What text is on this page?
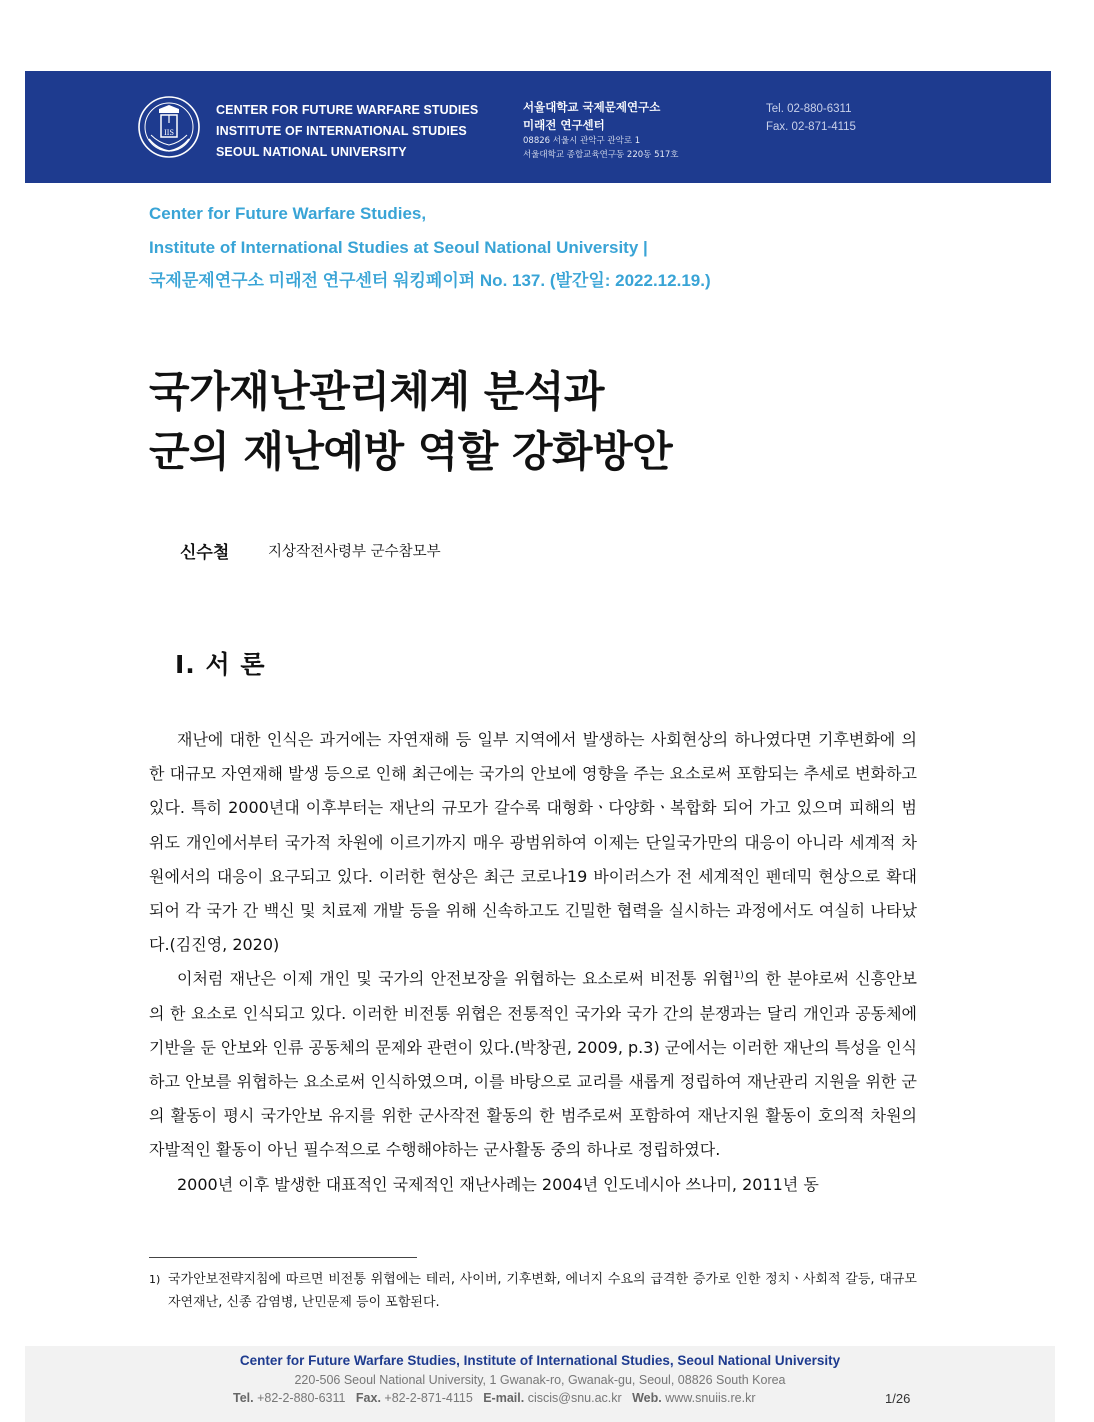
IIS
CENTER FOR FUTURE WARFARE STUDIES
INSTITUTE OF INTERNATIONAL STUDIES
SEOUL NATIONAL UNIVERSITY
서울대학교 국제문제연구소
미래전 연구센터
08826 서울시 관악구 관악로 1
서울대학교 종합교육연구동 220동 517호
Tel. 02-880-6311
Fax. 02-871-4115
Center for Future Warfare Studies,
Institute of International Studies at Seoul National University |
국제문제연구소 미래전 연구센터 워킹페이퍼 No. 137. (발간일: 2022.12.19.)
국가재난관리체계 분석과
군의 재난예방 역할 강화방안
신수철	지상작전사령부 군수참모부
I. 서 론

재난에 대한 인식은 과거에는 자연재해 등 일부 지역에서 발생하는 사회현상의 하나였다면 기후변화에 의한 대규모 자연재해 발생 등으로 인해 최근에는 국가의 안보에 영향을 주는 요소로써 포함되는 추세로 변화하고 있다. 특히 2000년대 이후부터는 재난의 규모가 갈수록 대형화ㆍ다양화ㆍ복합화 되어 가고 있으며 피해의 범위도 개인에서부터 국가적 차원에 이르기까지 매우 광범위하여 이제는 단일국가만의 대응이 아니라 세계적 차원에서의 대응이 요구되고 있다. 이러한 현상은 최근 코로나19 바이러스가 전 세계적인 펜데믹 현상으로 확대되어 각 국가 간 백신 및 치료제 개발 등을 위해 신속하고도 긴밀한 협력을 실시하는 과정에서도 여실히 나타났다.(김진영, 2020)

이처럼 재난은 이제 개인 및 국가의 안전보장을 위협하는 요소로써 비전통 위협$^{1)}$의 한 분야로써 신흥안보의 한 요소로 인식되고 있다. 이러한 비전통 위협은 전통적인 국가와 국가 간의 분쟁과는 달리 개인과 공동체에 기반을 둔 안보와 인류 공동체의 문제와 관련이 있다.(박창권, 2009, p.3) 군에서는 이러한 재난의 특성을 인식하고 안보를 위협하는 요소로써 인식하였으며, 이를 바탕으로 교리를 새롭게 정립하여 재난관리 지원을 위한 군의 활동이 평시 국가안보 유지를 위한 군사작전 활동의 한 범주로써 포함하여 재난지원 활동이 호의적 차원의 자발적인 활동이 아닌 필수적으로 수행해야하는 군사활동 중의 하나로 정립하였다.

2000년 이후 발생한 대표적인 국제적인 재난사례는 2004년 인도네시아 쓰나미, 2011년 동

1) 국가안보전략지침에 따르면 비전통 위협에는 테러, 사이버, 기후변화, 에너지 수요의 급격한 증가로 인한 정치ㆍ사회적 갈등, 대규모 자연재난, 신종 감염병, 난민문제 등이 포함된다.
Center for Future Warfare Studies, Institute of International Studies, Seoul National University
220-506 Seoul National University, 1 Gwanak-ro, Gwanak-gu, Seoul, 08826 South Korea
Tel. +82-2-880-6311 Fax. +82-2-871-4115 E-mail. ciscis@snu.ac.kr Web. www.snuiis.re.kr	1/26
